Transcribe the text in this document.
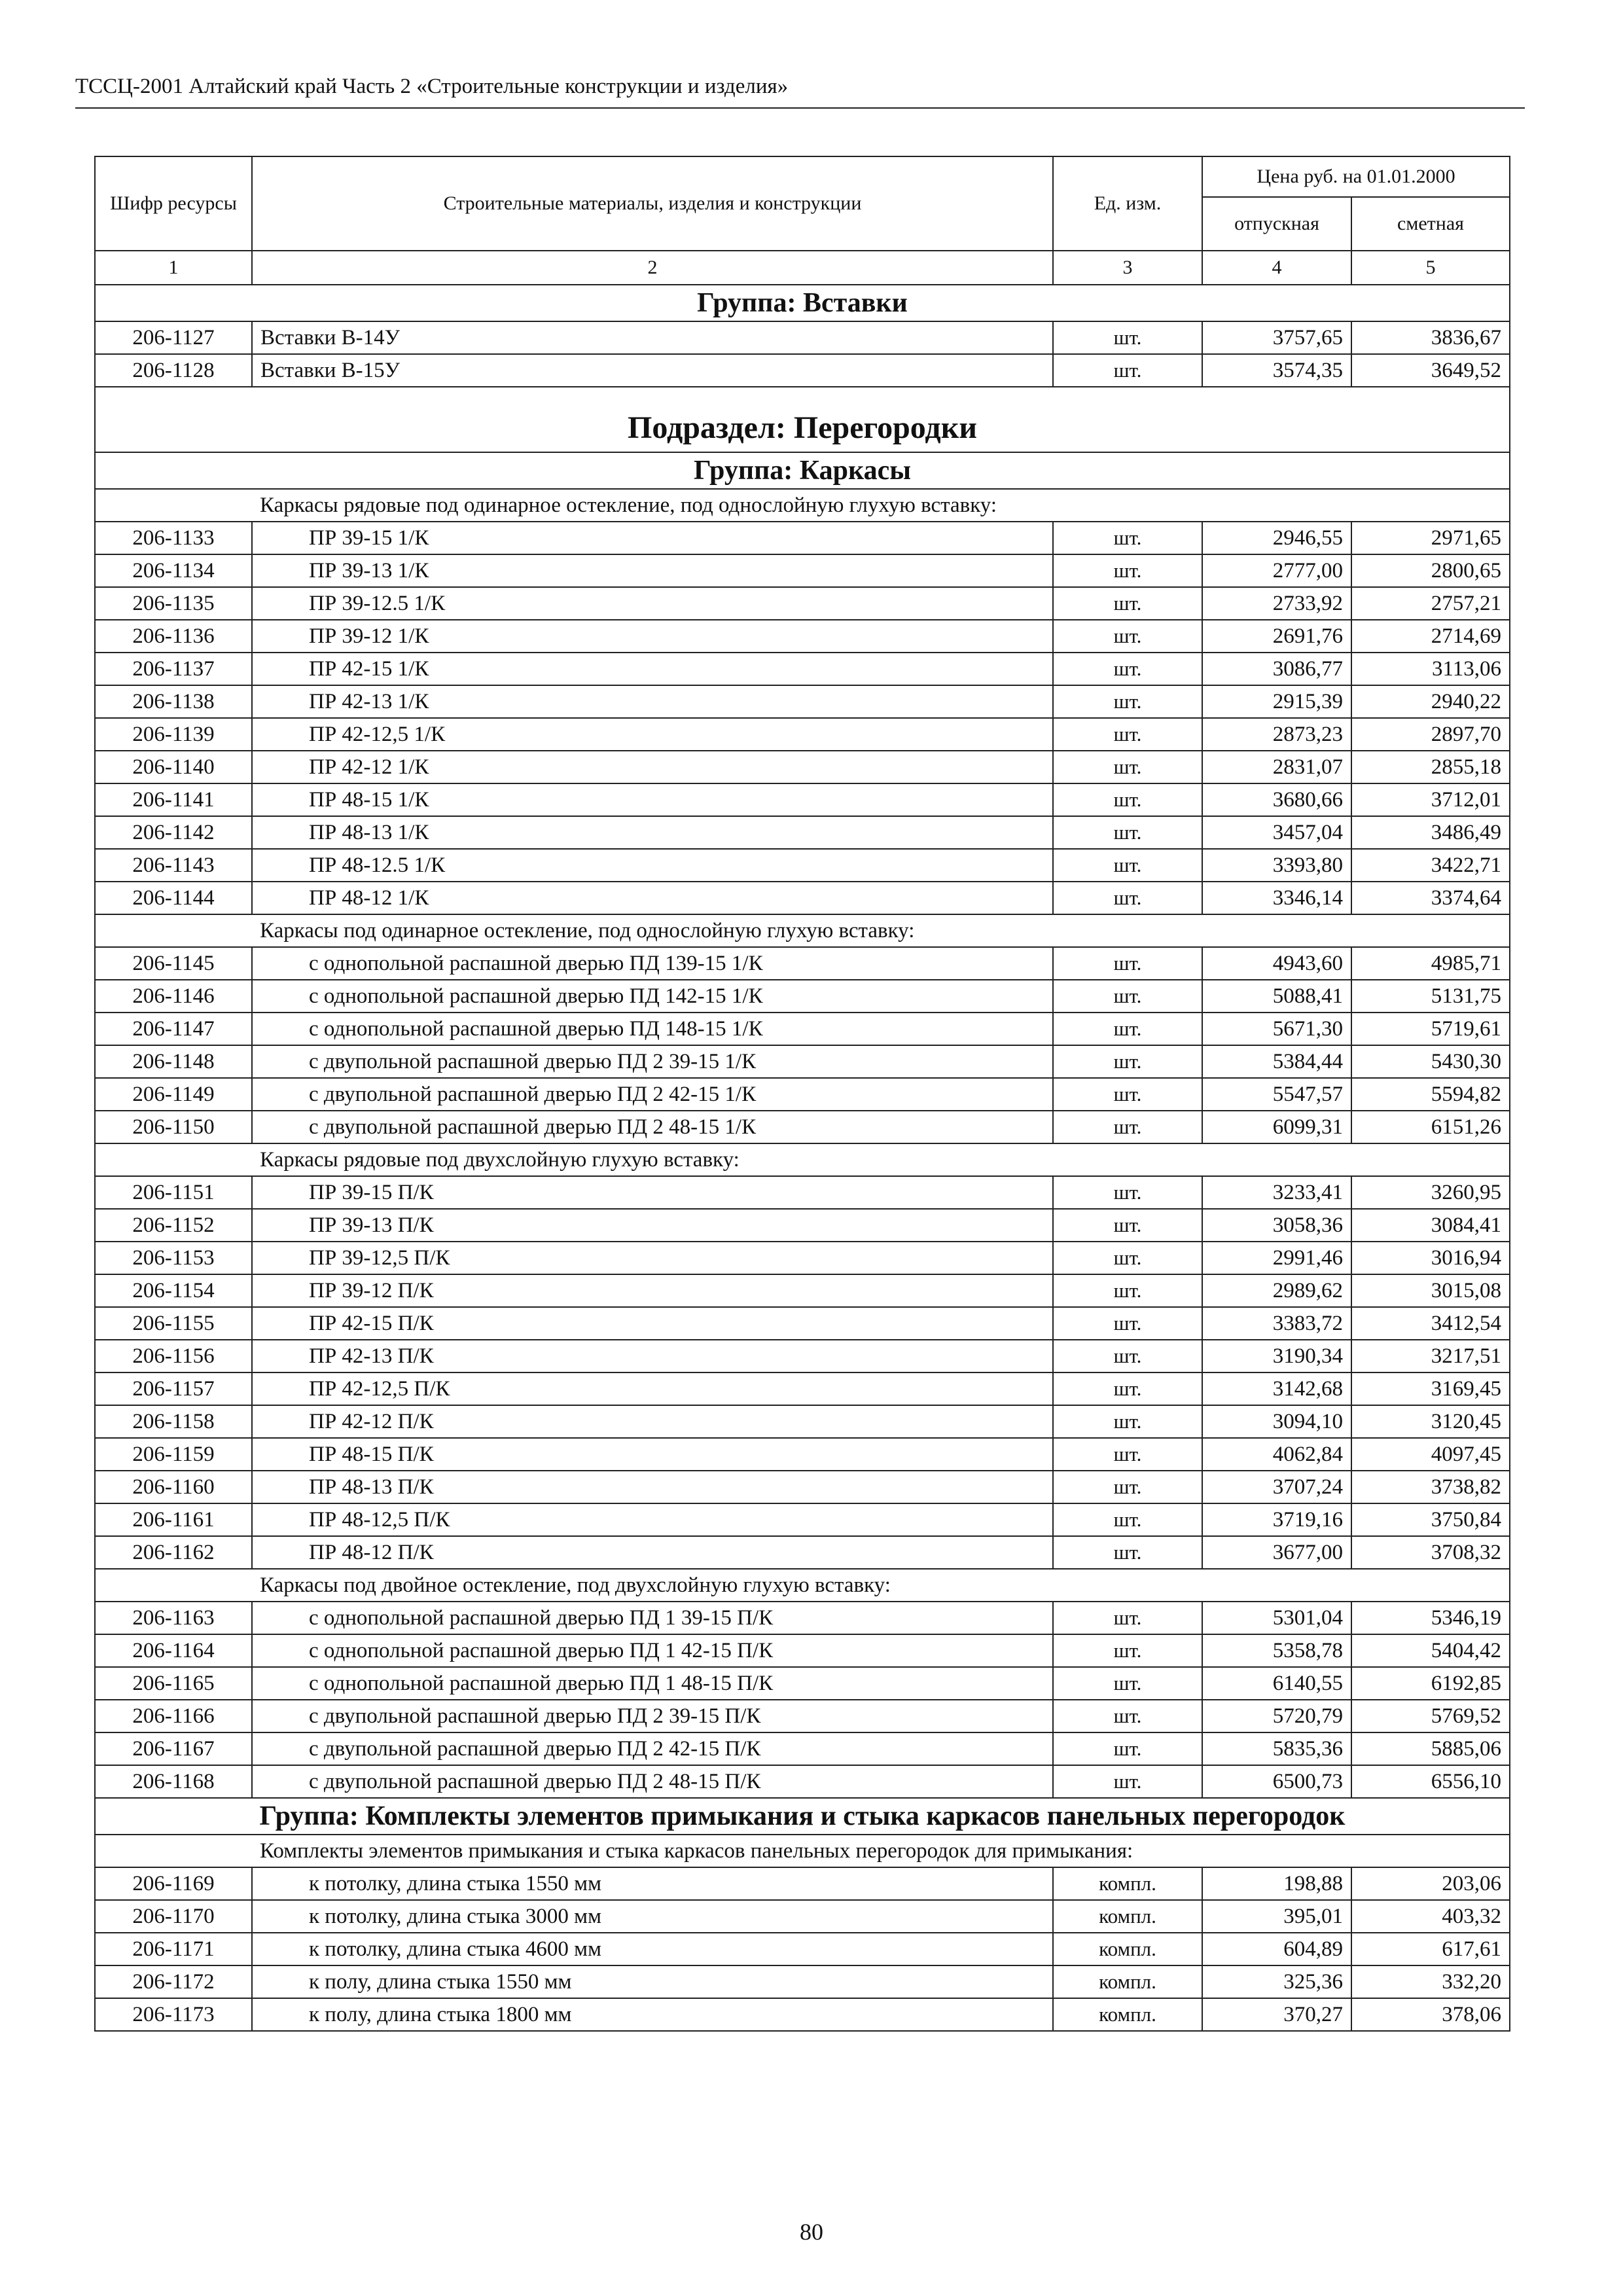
ТССЦ-2001 Алтайский край Часть 2 «Строительные конструкции и изделия»
Шифр ресурсы	Строительные материалы, изделия и конструкции	Ед. изм.	Цена руб. на 01.01.2000	
			отпускная	сметная
1	2	3	4	5
Группа: Вставки				
206-1127	Вставки В-14У	шт.	3757,65	3836,67
206-1128	Вставки В-15У	шт.	3574,35	3649,52
Подраздел: Перегородки				
Группа: Каркасы				
	Каркасы рядовые под одинарное остекление, под однослойную глухую вставку:			
206-1133	ПР 39-15 1/К	шт.	2946,55	2971,65
206-1134	ПР 39-13 1/К	шт.	2777,00	2800,65
206-1135	ПР 39-12.5 1/К	шт.	2733,92	2757,21
206-1136	ПР 39-12 1/К	шт.	2691,76	2714,69
206-1137	ПР 42-15 1/К	шт.	3086,77	3113,06
206-1138	ПР 42-13 1/К	шт.	2915,39	2940,22
206-1139	ПР 42-12,5 1/К	шт.	2873,23	2897,70
206-1140	ПР 42-12 1/К	шт.	2831,07	2855,18
206-1141	ПР 48-15 1/К	шт.	3680,66	3712,01
206-1142	ПР 48-13 1/К	шт.	3457,04	3486,49
206-1143	ПР 48-12.5 1/К	шт.	3393,80	3422,71
206-1144	ПР 48-12 1/К	шт.	3346,14	3374,64
	Каркасы под одинарное остекление, под однослойную глухую вставку:			
206-1145	с однопольной распашной дверью ПД 139-15 1/К	шт.	4943,60	4985,71
206-1146	с однопольной распашной дверью ПД 142-15 1/К	шт.	5088,41	5131,75
206-1147	с однопольной распашной дверью ПД 148-15 1/К	шт.	5671,30	5719,61
206-1148	с двупольной распашной дверью ПД 2 39-15 1/К	шт.	5384,44	5430,30
206-1149	с двупольной распашной дверью ПД 2 42-15 1/К	шт.	5547,57	5594,82
206-1150	с двупольной распашной дверью ПД 2 48-15 1/К	шт.	6099,31	6151,26
	Каркасы рядовые под двухслойную глухую вставку:			
206-1151	ПР 39-15 П/К	шт.	3233,41	3260,95
206-1152	ПР 39-13 П/К	шт.	3058,36	3084,41
206-1153	ПР 39-12,5 П/К	шт.	2991,46	3016,94
206-1154	ПР 39-12 П/К	шт.	2989,62	3015,08
206-1155	ПР 42-15 П/К	шт.	3383,72	3412,54
206-1156	ПР 42-13 П/К	шт.	3190,34	3217,51
206-1157	ПР 42-12,5 П/К	шт.	3142,68	3169,45
206-1158	ПР 42-12 П/К	шт.	3094,10	3120,45
206-1159	ПР 48-15 П/К	шт.	4062,84	4097,45
206-1160	ПР 48-13 П/К	шт.	3707,24	3738,82
206-1161	ПР 48-12,5 П/К	шт.	3719,16	3750,84
206-1162	ПР 48-12 П/К	шт.	3677,00	3708,32
	Каркасы под двойное остекление, под двухслойную глухую вставку:			
206-1163	с однопольной распашной дверью ПД 1 39-15 П/К	шт.	5301,04	5346,19
206-1164	с однопольной распашной дверью ПД 1 42-15 П/К	шт.	5358,78	5404,42
206-1165	с однопольной распашной дверью ПД 1 48-15 П/К	шт.	6140,55	6192,85
206-1166	с двупольной распашной дверью ПД 2 39-15 П/К	шт.	5720,79	5769,52
206-1167	с двупольной распашной дверью ПД 2 42-15 П/К	шт.	5835,36	5885,06
206-1168	с двупольной распашной дверью ПД 2 48-15 П/К	шт.	6500,73	6556,10
Группа: Комплекты элементов примыкания и стыка каркасов панельных перегородок				
	Комплекты элементов примыкания и стыка каркасов панельных перегородок для примыкания:			
206-1169	к потолку, длина стыка 1550 мм	компл.	198,88	203,06
206-1170	к потолку, длина стыка 3000 мм	компл.	395,01	403,32
206-1171	к потолку, длина стыка 4600 мм	компл.	604,89	617,61
206-1172	к полу, длина стыка 1550 мм	компл.	325,36	332,20
206-1173	к полу, длина стыка 1800 мм	компл.	370,27	378,06
80
